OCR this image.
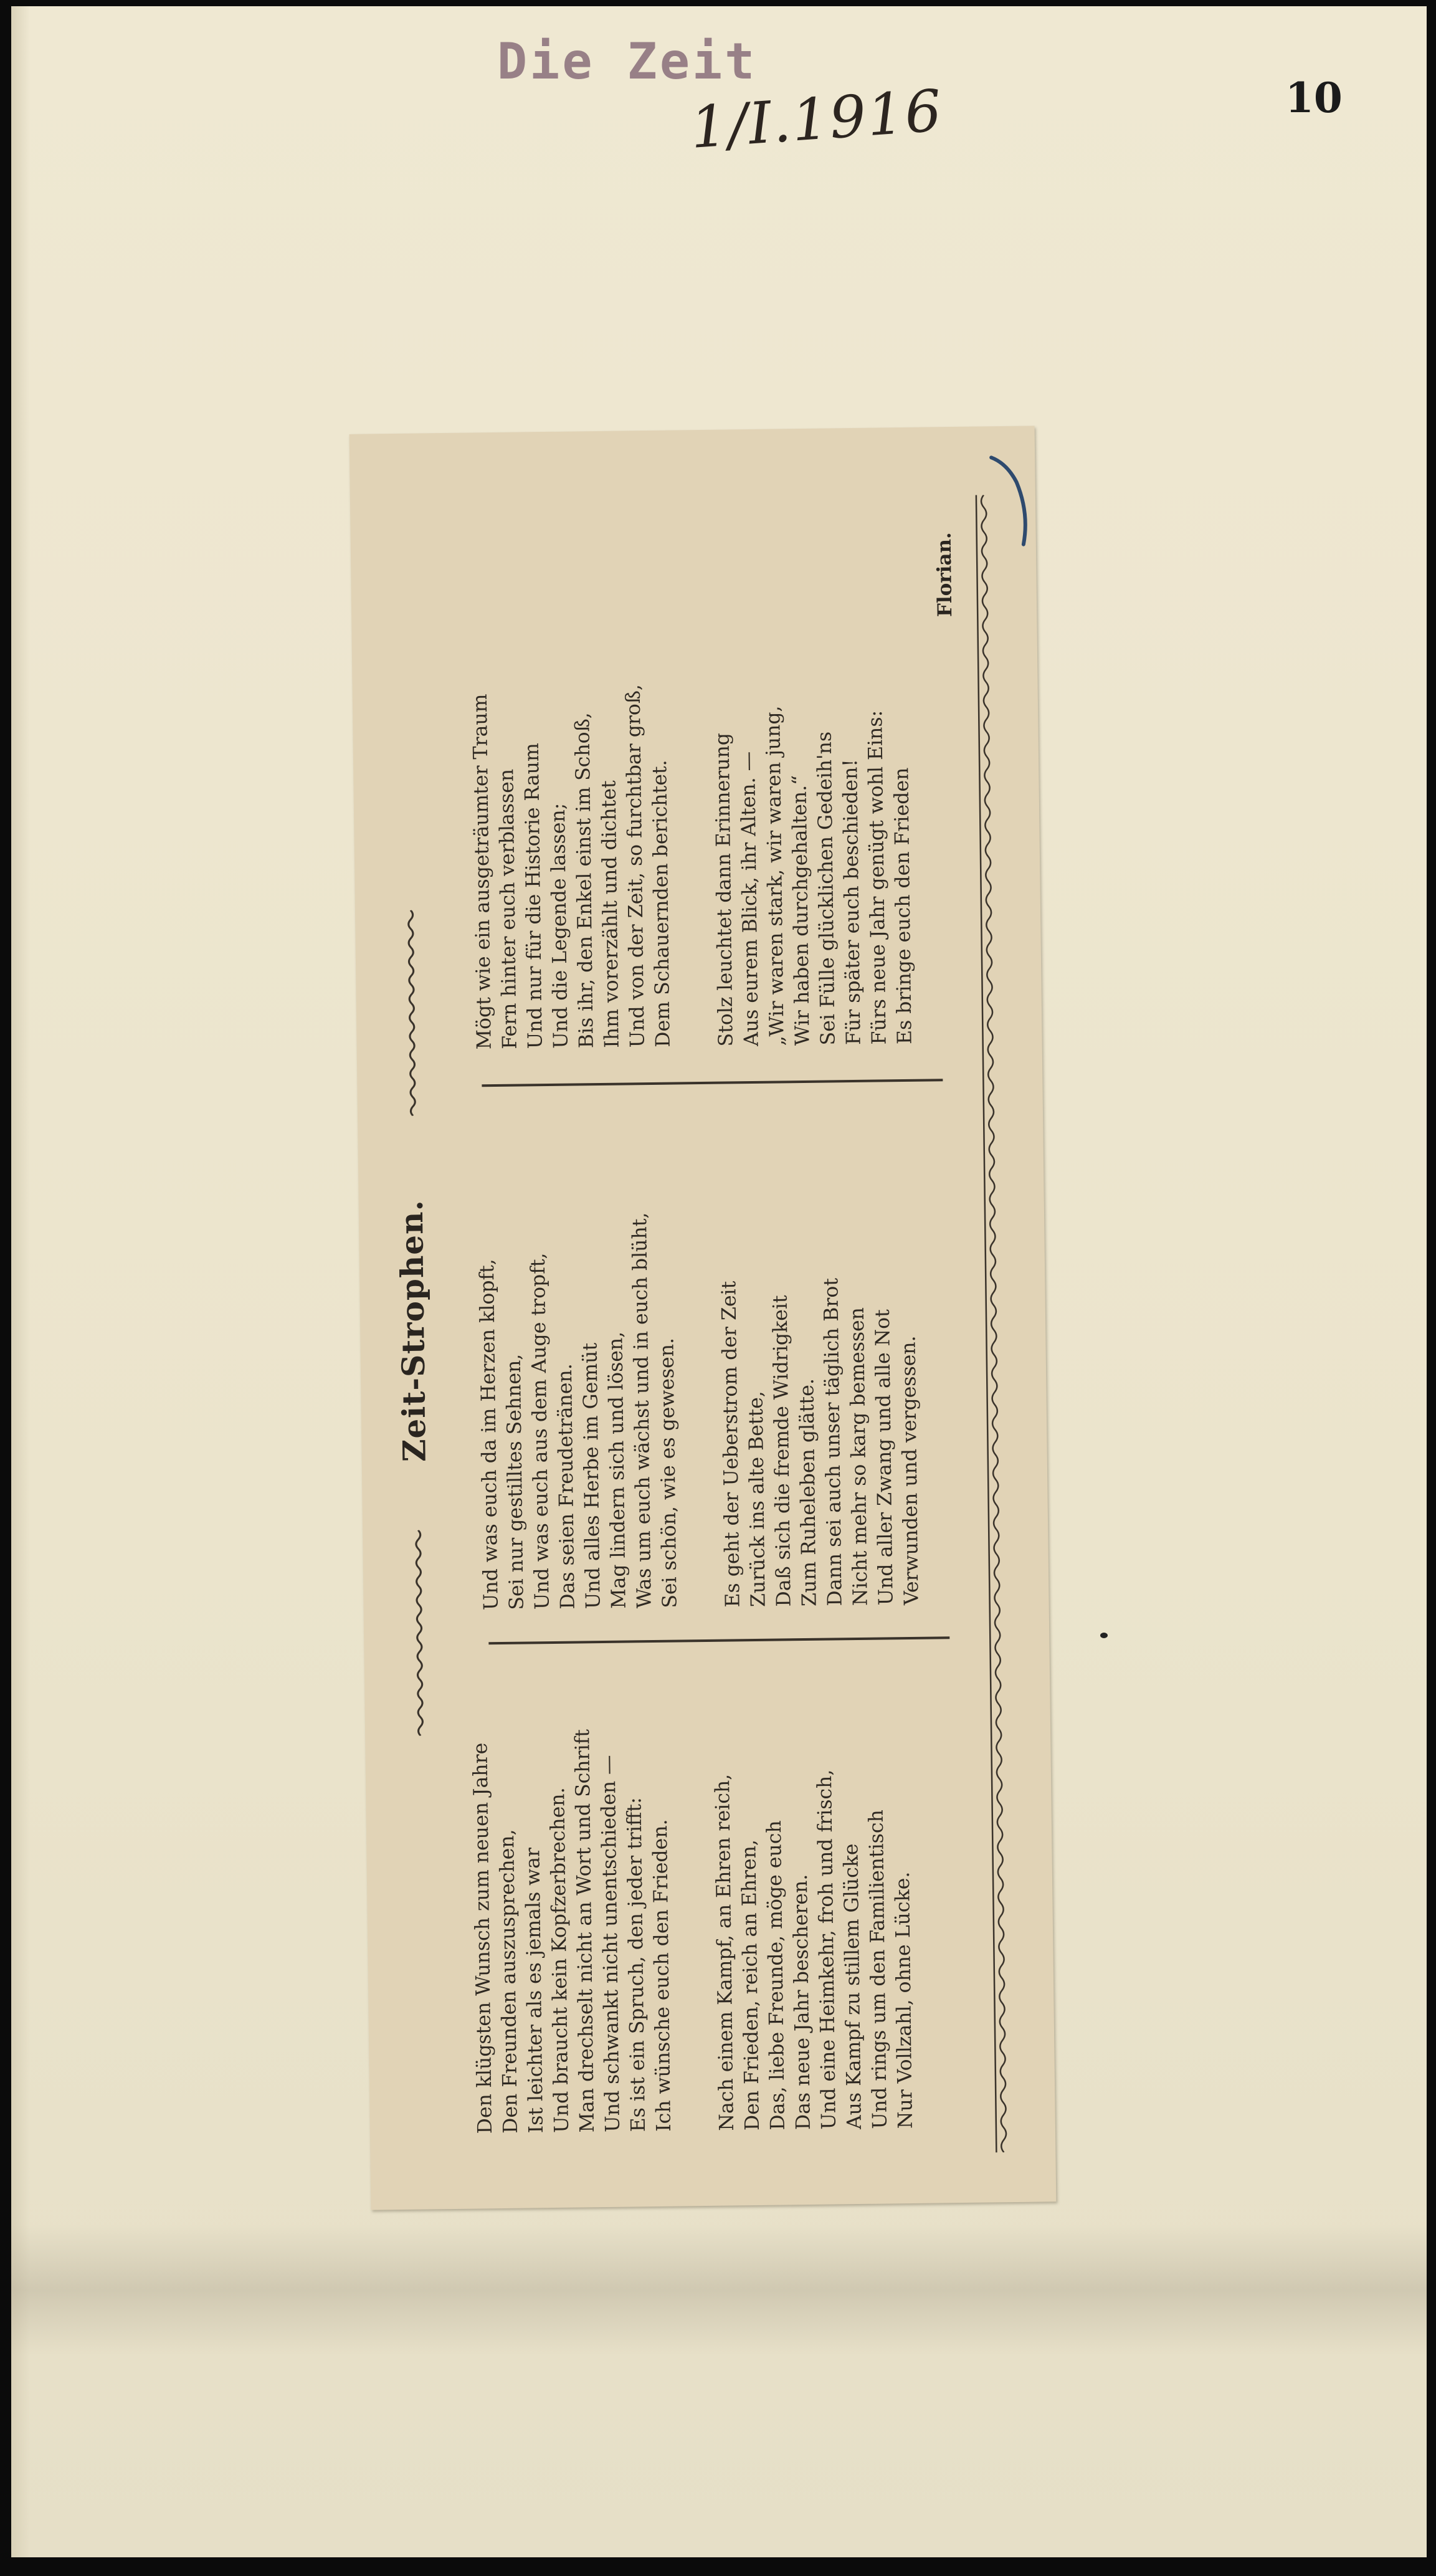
Die Zeit
1/I.1916	10
Zeit-Strophen.
Den klügsten Wunsch zum neuen Jahre Den Freunden auszusprechen, Ist leichter als es jemals war
Und braucht kein Kopfzerbrechen.
Man drechselt nicht an Wort und Schrift
Und schwankt nicht unentschieden —
Es ist ein Spruch, den jeder trifft:
Ich wünsche euch den Frieden. Nach einem Kampf, an Ehren reich, Den Frieden, reich an Ehren,
Das, liebe Freunde, möge euch Das neue Jahr bescheren.
Und eine Heimkehr, froh und frisch, Aus Kampf zu stillem Glücke
Und rings um den Familientisch Nur Vollzahl, ohne Lücke.
Und was euch da im Herzen klopft, Sei nur gestilltes Sehnen,
Und was euch aus dem Auge tropft, Das seien Freudetränen. Und alles Herbe im Gemüt Mag lindern sich und lösen,
Was um euch wächst und in euch blüht, Sei schön, wie es gewesen. Es geht der Ueberstrom der Zeit Zurück ins alte Bette,
Daß sich die fremde Widrigkeit Zum Ruheleben glätte.
Dann sei auch unser täglich Brot Nicht mehr so karg bemessen Und aller Zwang und alle Not Verwunden und vergessen.
Mögt wie ein ausgeträumter Traum Fern hinter euch verblassen Und nur für die Historie Raum Und die Legende lassen;
Bis ihr, den Enkel einst im Schoß, Ihm vorerzählt und dichtet
Und von der Zeit, so furchtbar groß, Dem Schauernden berichtet. Stolz leuchtet dann Erinnerung Aus eurem Blick, ihr Alten. —
„Wir waren stark, wir waren jung, Wir haben durchgehalten.“
Sei Fülle glücklichen Gedeih'ns Für später euch beschieden!
Fürs neue Jahr genügt wohl Eins: Es bringe euch den Frieden
Florian.
